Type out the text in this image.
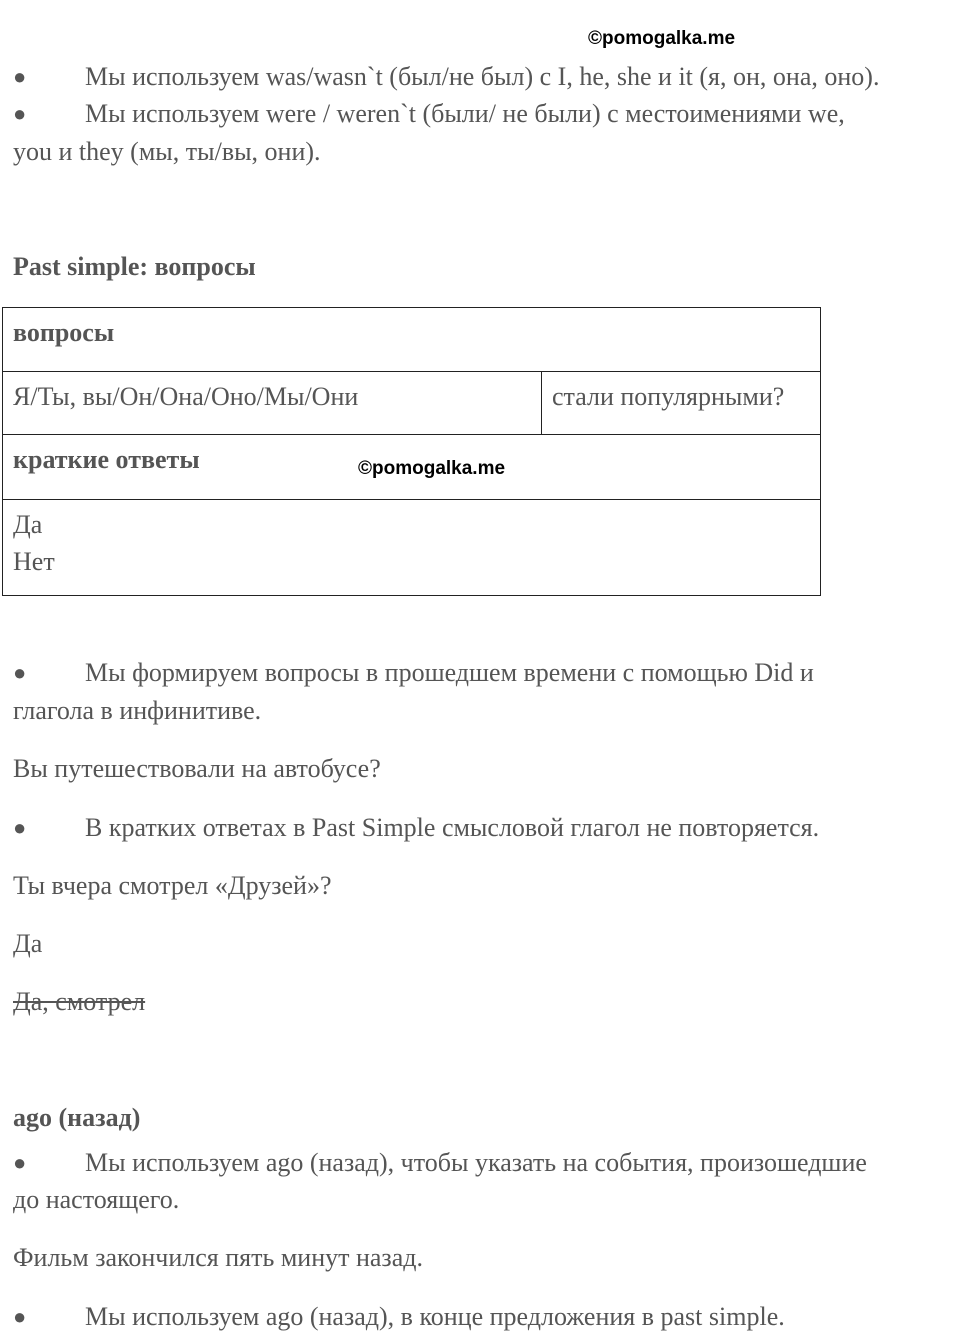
©pomogalka.me
● Мы используем was/wasn`t (был/не был) с I, he, she и it (я, он, она, оно).
● Мы используем were / weren`t (были/ не были) с местоимениями we,
you и they (мы, ты/вы, они).
Past simple: вопросы
вопросы
Я/Ты, вы/Он/Она/Оно/Мы/Они	стали популярными?
краткие ответы

Да
Нет
©pomogalka.me
● Мы формируем вопросы в прошедшем времени с помощью Did и
глагола в инфинитиве.
Вы путешествовали на автобусе?
● В кратких ответах в Past Simple смысловой глагол не повторяется.
Ты вчера смотрел «Друзей»?
Да
Да, смотрел
ago (назад)
● Мы используем ago (назад), чтобы указать на события, произошедшие
до настоящего.
Фильм закончился пять минут назад.
● Мы используем ago (назад), в конце предложения в past simple.
